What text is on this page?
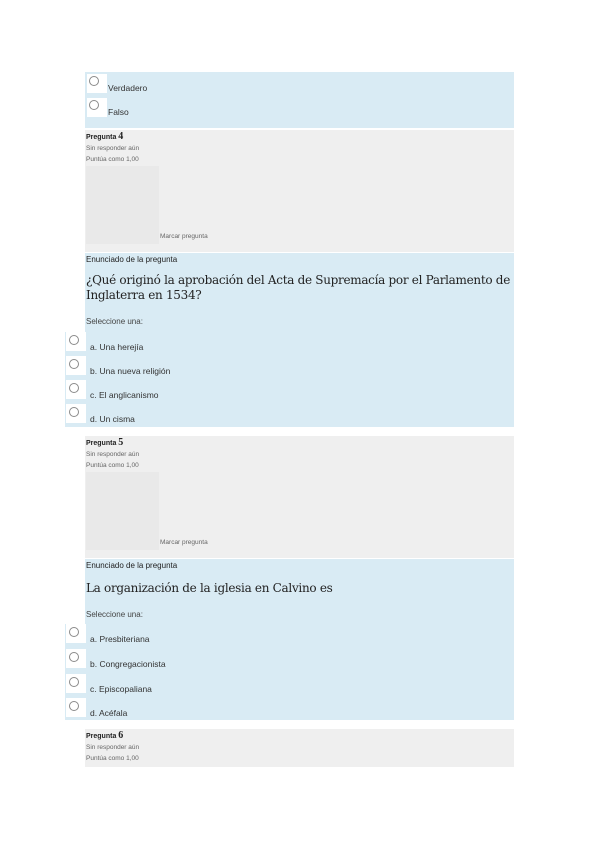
Verdadero
Falso
Pregunta 4
Sin responder aún
Puntúa como 1,00
Marcar pregunta
Enunciado de la pregunta
¿Qué originó la aprobación del Acta de Supremacía por el Parlamento de
Inglaterra en 1534?
Seleccione una:
a. Una herejía
b. Una nueva religión
c. El anglicanismo
d. Un cisma
Pregunta 5
Sin responder aún
Puntúa como 1,00
Marcar pregunta
Enunciado de la pregunta
La organización de la iglesia en Calvino es
Seleccione una:
a. Presbiteriana
b. Congregacionista
c. Episcopaliana
d. Acéfala
Pregunta 6
Sin responder aún
Puntúa como 1,00
